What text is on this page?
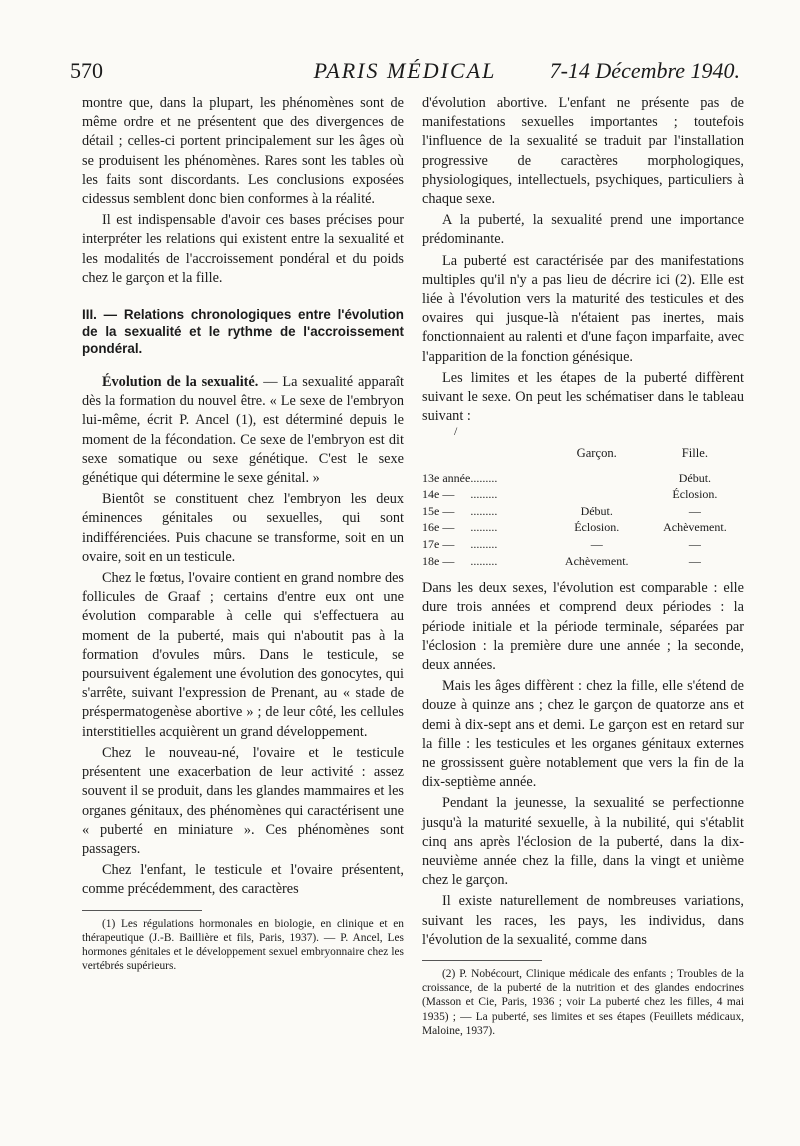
570	PARIS MÉDICAL	7-14 Décembre 1940.

montre que, dans la plupart, les phénomènes sont de même ordre et ne présentent que des divergences de détail ; celles-ci portent principalement sur les âges où se produisent les phénomènes. Rares sont les tables où les faits sont discordants. Les conclusions exposées cidessus semblent donc bien conformes à la réalité.

Il est indispensable d'avoir ces bases précises pour interpréter les relations qui existent entre la sexualité et les modalités de l'accroissement pondéral et du poids chez le garçon et la fille.

III. — Relations chronologiques entre l'évolution de la sexualité et le rythme de l'accroissement pondéral.

Évolution de la sexualité. — La sexualité apparaît dès la formation du nouvel être. « Le sexe de l'embryon lui-même, écrit P. Ancel (1), est déterminé depuis le moment de la fécondation. Ce sexe de l'embryon est dit sexe somatique ou sexe génétique. C'est le sexe génétique qui détermine le sexe génital. »

Bientôt se constituent chez l'embryon les deux éminences génitales ou sexuelles, qui sont indifférenciées. Puis chacune se transforme, soit en un ovaire, soit en un testicule.

Chez le fœtus, l'ovaire contient en grand nombre des follicules de Graaf ; certains d'entre eux ont une évolution comparable à celle qui s'effectuera au moment de la puberté, mais qui n'aboutit pas à la formation d'ovules mûrs. Dans le testicule, se poursuivent également une évolution des gonocytes, qui s'arrête, suivant l'expression de Prenant, au « stade de préspermatogenèse abortive » ; de leur côté, les cellules interstitielles acquièrent un grand développement.

Chez le nouveau-né, l'ovaire et le testicule présentent une exacerbation de leur activité : assez souvent il se produit, dans les glandes mammaires et les organes génitaux, des phénomènes qui caractérisent une « puberté en miniature ». Ces phénomènes sont passagers.

Chez l'enfant, le testicule et l'ovaire présentent, comme précédemment, des caractères

(1) Les régulations hormonales en biologie, en clinique et en thérapeutique (J.-B. Baillière et fils, Paris, 1937). — P. Ancel, Les hormones génitales et le développement sexuel embryonnaire chez les vertébrés supérieurs.

d'évolution abortive. L'enfant ne présente pas de manifestations sexuelles importantes ; toutefois l'influence de la sexualité se traduit par l'installation progressive de caractères morphologiques, physiologiques, intellectuels, psychiques, particuliers à chaque sexe.

A la puberté, la sexualité prend une importance prédominante.

La puberté est caractérisée par des manifestations multiples qu'il n'y a pas lieu de décrire ici (2). Elle est liée à l'évolution vers la maturité des testicules et des ovaires qui jusque-là n'étaient pas inertes, mais fonctionnaient au ralenti et d'une façon imparfaite, avec l'apparition de la fonction génésique.

Les limites et les étapes de la puberté diffèrent suivant le sexe. On peut les schématiser dans le tableau suivant :

/
		Garçon.	Fille.
13e année	.........		Début.
14e —	.........		Éclosion.
15e —	.........	Début.	—
16e —	.........	Éclosion.	Achèvement.
17e —	.........	—	—
18e —	.........	Achèvement.	—

Dans les deux sexes, l'évolution est comparable : elle dure trois années et comprend deux périodes : la période initiale et la période terminale, séparées par l'éclosion : la première dure une année ; la seconde, deux années.

Mais les âges diffèrent : chez la fille, elle s'étend de douze à quinze ans ; chez le garçon de quatorze ans et demi à dix-sept ans et demi. Le garçon est en retard sur la fille : les testicules et les organes génitaux externes ne grossissent guère notablement que vers la fin de la dix-septième année.

Pendant la jeunesse, la sexualité se perfectionne jusqu'à la maturité sexuelle, à la nubilité, qui s'établit cinq ans après l'éclosion de la puberté, dans la dix-neuvième année chez la fille, dans la vingt et unième chez le garçon.

Il existe naturellement de nombreuses variations, suivant les races, les pays, les individus, dans l'évolution de la sexualité, comme dans

(2) P. Nobécourt, Clinique médicale des enfants ; Troubles de la croissance, de la puberté de la nutrition et des glandes endocrines (Masson et Cie, Paris, 1936 ; voir La puberté chez les filles, 4 mai 1935) ; — La puberté, ses limites et ses étapes (Feuillets médicaux, Maloine, 1937).
